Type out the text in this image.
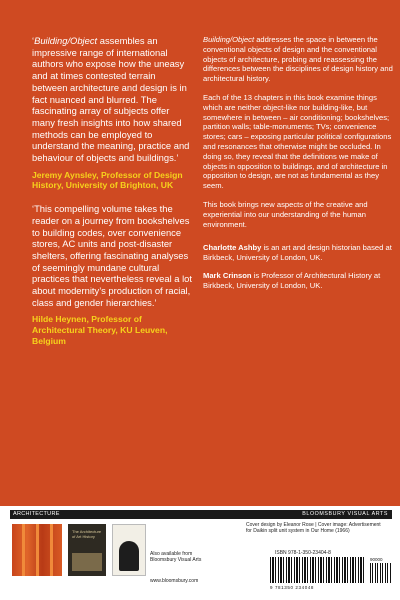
‘Building/Object assembles an impressive range of international authors who expose how the uneasy and at times contested terrain between architecture and design is in fact nuanced and blurred. The fascinating array of subjects offer many fresh insights into how shared methods can be employed to understand the meaning, practice and behaviour of objects and buildings.’

Jeremy Aynsley, Professor of Design History, University of Brighton, UK

‘This compelling volume takes the reader on a journey from bookshelves to building codes, over convenience stores, AC units and post-disaster shelters, offering fascinating analyses of seemingly mundane cultural practices that nevertheless reveal a lot about modernity’s production of racial, class and gender hierarchies.’

Hilde Heynen, Professor of Architectural Theory, KU Leuven, Belgium

Building/Object addresses the space in between the conventional objects of design and the conventional objects of architecture, probing and reassessing the differences between the disciplines of design history and architectural history.

Each of the 13 chapters in this book examine things which are neither object-like nor building-like, but somewhere in between – air conditioning; bookshelves; partition walls; table-monuments; TVs; convenience stores; cars – exposing particular political configurations and resonances that otherwise might be occluded. In doing so, they reveal that the definitions we make of objects in opposition to buildings, and of architecture in opposition to design, are not as fundamental as they seem.

This book brings new aspects of the creative and experiential into our understanding of the human environment.

Charlotte Ashby is an art and design historian based at Birkbeck, University of London, UK.

Mark Crinson is Professor of Architectural History at Birkbeck, University of London, UK.

ARCHITECTURE	BLOOMSBURY VISUAL ARTS
The Architecture of Art History
Also available from Bloomsbury Visual Arts
www.bloomsbury.com
Cover design by Eleanor Rose | Cover image: Advertisement for Daikin split unit system in Our Home (1966)
ISBN 978-1-350-23404-8
9 781350 234048
90000
